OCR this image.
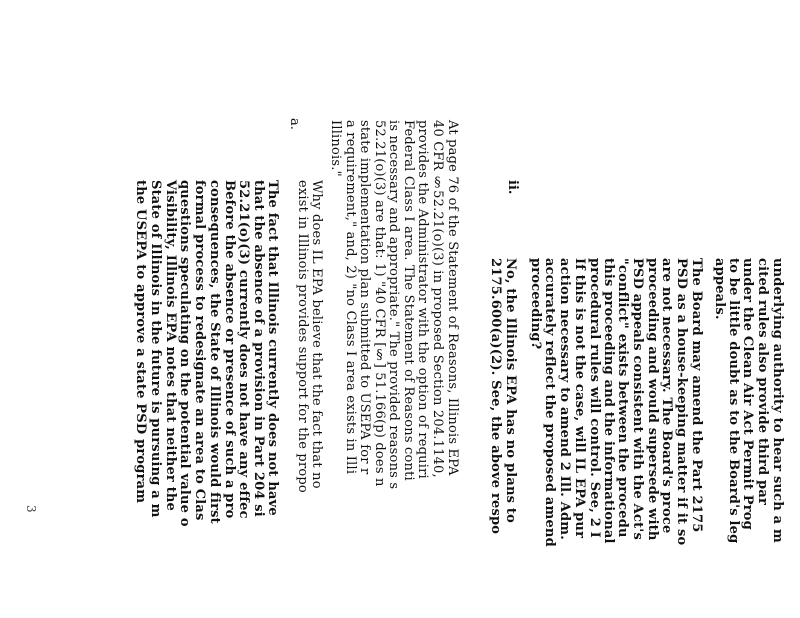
underlying authority to hear such a m
cited rules also provide third par
under the Clean Air Act Permit Prog
to be little doubt as to the Board's leg
appeals.
The Board may amend the Part 2175
PSD as a house-keeping matter if it so
are not necessary. The Board's proce
proceeding and would supersede with
PSD appeals consistent with the Act's
"conflict" exists between the procedu
this proceeding and the informational
procedural rules will control. See, 2 I
ii.
If this is not the case, will IL EPA pur
action necessary to amend 2 Ill. Adm.
accurately reflect the proposed amend
proceeding?
No, the Illinois EPA has no plans to
2175.600(a)(2). See, the above respo
At page 76 of the Statement of Reasons, Illinois EPA
40 CFR §52.21(o)(3) in proposed Section 204.1140,
provides the Administrator with the option of requiri
Federal Class I area. The Statement of Reasons conti
is necessary and appropriate." The provided reasons s
52.21(o)(3) are that: 1) "40 CFR [§] 51.166(p) does n
state implementation plan submitted to USEPA for r
a requirement," and, 2) "no Class I area exists in Illi
Illinois."
a.
Why does IL EPA believe that the fact that no
exist in Illinois provides support for the propo
The fact that Illinois currently does not have
that the absence of a provision in Part 204 si
52.21(o)(3) currently does not have any effec
Before the absence or presence of such a pro
consequences, the State of Illinois would first
formal process to redesignate an area to Clas
questions speculating on the potential value o
Visibility, Illinois EPA notes that neither the
State of Illinois in the future is pursuing a m
the USEPA to approve a state PSD program
3
